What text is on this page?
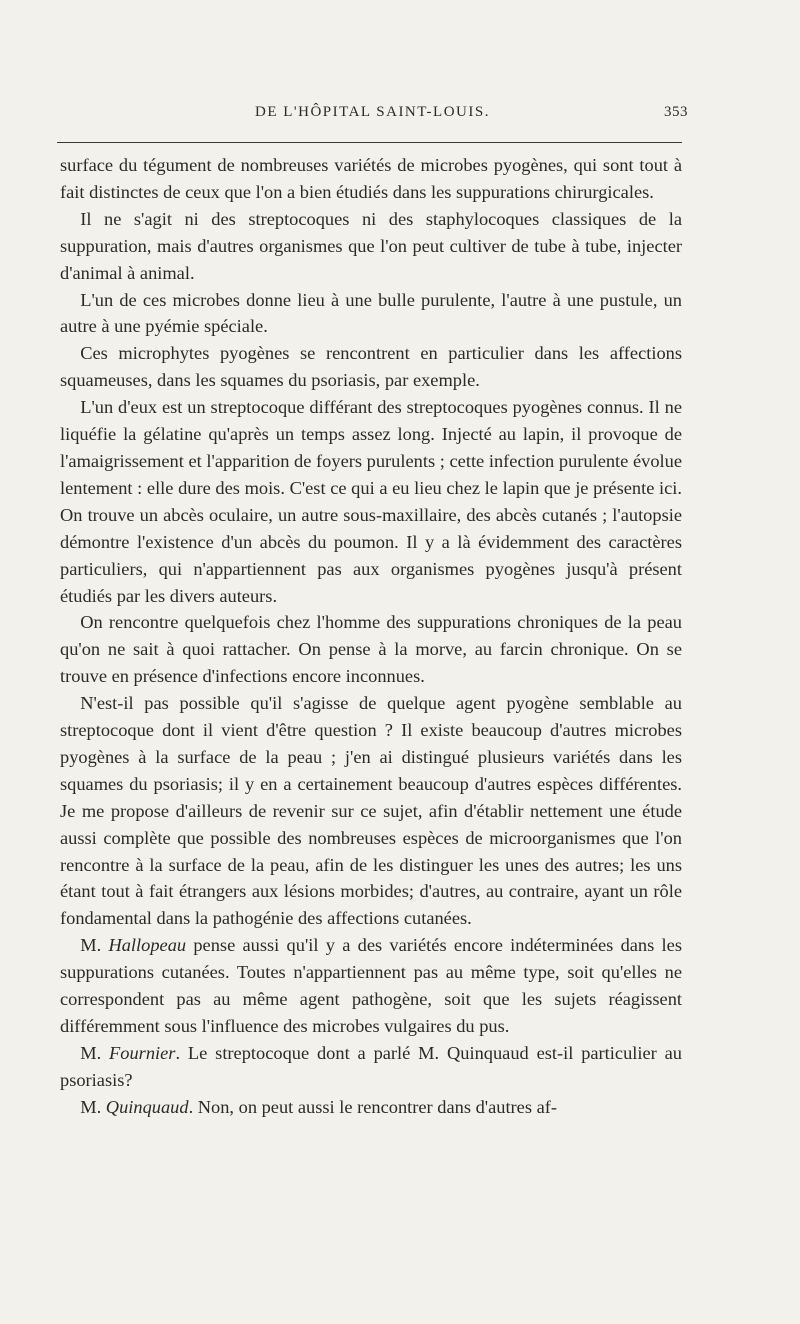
DE L'HÔPITAL SAINT-LOUIS.	353

surface du tégument de nombreuses variétés de microbes pyogènes, qui sont tout à fait distinctes de ceux que l'on a bien étudiés dans les suppurations chirurgicales.

Il ne s'agit ni des streptocoques ni des staphylocoques classiques de la suppuration, mais d'autres organismes que l'on peut cultiver de tube à tube, injecter d'animal à animal.

L'un de ces microbes donne lieu à une bulle purulente, l'autre à une pustule, un autre à une pyémie spéciale.

Ces microphytes pyogènes se rencontrent en particulier dans les affections squameuses, dans les squames du psoriasis, par exemple.

L'un d'eux est un streptocoque différant des streptocoques pyogènes connus. Il ne liquéfie la gélatine qu'après un temps assez long. Injecté au lapin, il provoque de l'amaigrissement et l'apparition de foyers purulents ; cette infection purulente évolue lentement : elle dure des mois. C'est ce qui a eu lieu chez le lapin que je présente ici. On trouve un abcès oculaire, un autre sous-maxillaire, des abcès cutanés ; l'autopsie démontre l'existence d'un abcès du poumon. Il y a là évidemment des caractères particuliers, qui n'appartiennent pas aux organismes pyogènes jusqu'à présent étudiés par les divers auteurs.

On rencontre quelquefois chez l'homme des suppurations chroniques de la peau qu'on ne sait à quoi rattacher. On pense à la morve, au farcin chronique. On se trouve en présence d'infections encore inconnues.

N'est-il pas possible qu'il s'agisse de quelque agent pyogène semblable au streptocoque dont il vient d'être question ? Il existe beaucoup d'autres microbes pyogènes à la surface de la peau ; j'en ai distingué plusieurs variétés dans les squames du psoriasis; il y en a certainement beaucoup d'autres espèces différentes. Je me propose d'ailleurs de revenir sur ce sujet, afin d'établir nettement une étude aussi complète que possible des nombreuses espèces de microorganismes que l'on rencontre à la surface de la peau, afin de les distinguer les unes des autres; les uns étant tout à fait étrangers aux lésions morbides; d'autres, au contraire, ayant un rôle fondamental dans la pathogénie des affections cutanées.

M. Hallopeau pense aussi qu'il y a des variétés encore indéterminées dans les suppurations cutanées. Toutes n'appartiennent pas au même type, soit qu'elles ne correspondent pas au même agent pathogène, soit que les sujets réagissent différemment sous l'influence des microbes vulgaires du pus.

M. Fournier. Le streptocoque dont a parlé M. Quinquaud est-il particulier au psoriasis?

M. Quinquaud. Non, on peut aussi le rencontrer dans d'autres af-
